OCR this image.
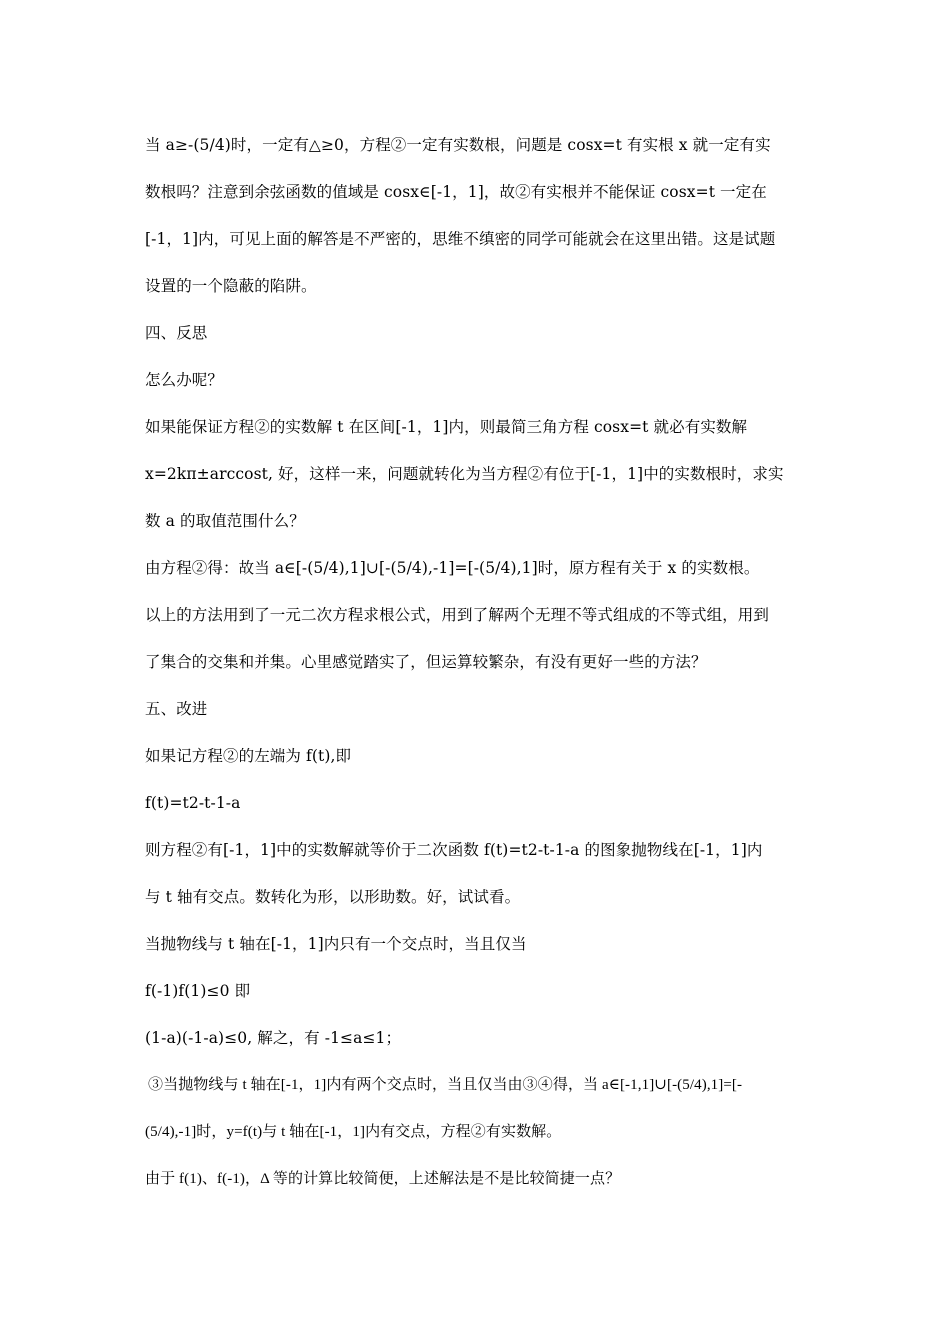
当 a≥-(5/4)时，一定有△≥0，方程②一定有实数根，问题是 cosx=t 有实根 x 就一定有实
数根吗？注意到余弦函数的值域是 cosx∈[-1，1]，故②有实根并不能保证 cosx=t 一定在
[-1，1]内，可见上面的解答是不严密的，思维不缜密的同学可能就会在这里出错。这是试题
设置的一个隐蔽的陷阱。
四、反思
怎么办呢？
如果能保证方程②的实数解 t 在区间[-1，1]内，则最简三角方程 cosx=t 就必有实数解
x=2kπ±arccost, 好，这样一来，问题就转化为当方程②有位于[-1，1]中的实数根时，求实
数 a 的取值范围什么？
由方程②得：故当 a∈[-(5/4),1]∪[-(5/4),-1]=[-(5/4),1]时，原方程有关于 x 的实数根。
以上的方法用到了一元二次方程求根公式，用到了解两个无理不等式组成的不等式组，用到
了集合的交集和并集。心里感觉踏实了，但运算较繁杂，有没有更好一些的方法？
五、改进
如果记方程②的左端为 f(t),即
f(t)=t2-t-1-a
则方程②有[-1，1]中的实数解就等价于二次函数 f(t)=t2-t-1-a 的图象抛物线在[-1，1]内
与 t 轴有交点。数转化为形，以形助数。好，试试看。
当抛物线与 t 轴在[-1，1]内只有一个交点时，当且仅当
f(-1)f(1)≤0 即
(1-a)(-1-a)≤0, 解之，有 -1≤a≤1；
③当抛物线与 t 轴在[-1，1]内有两个交点时，当且仅当由③④得，当 a∈[-1,1]∪[-(5/4),1]=[-
(5/4),-1]时，y=f(t)与 t 轴在[-1，1]内有交点，方程②有实数解。
由于 f(1)、f(-1)，Δ 等的计算比较简便，上述解法是不是比较简捷一点？
